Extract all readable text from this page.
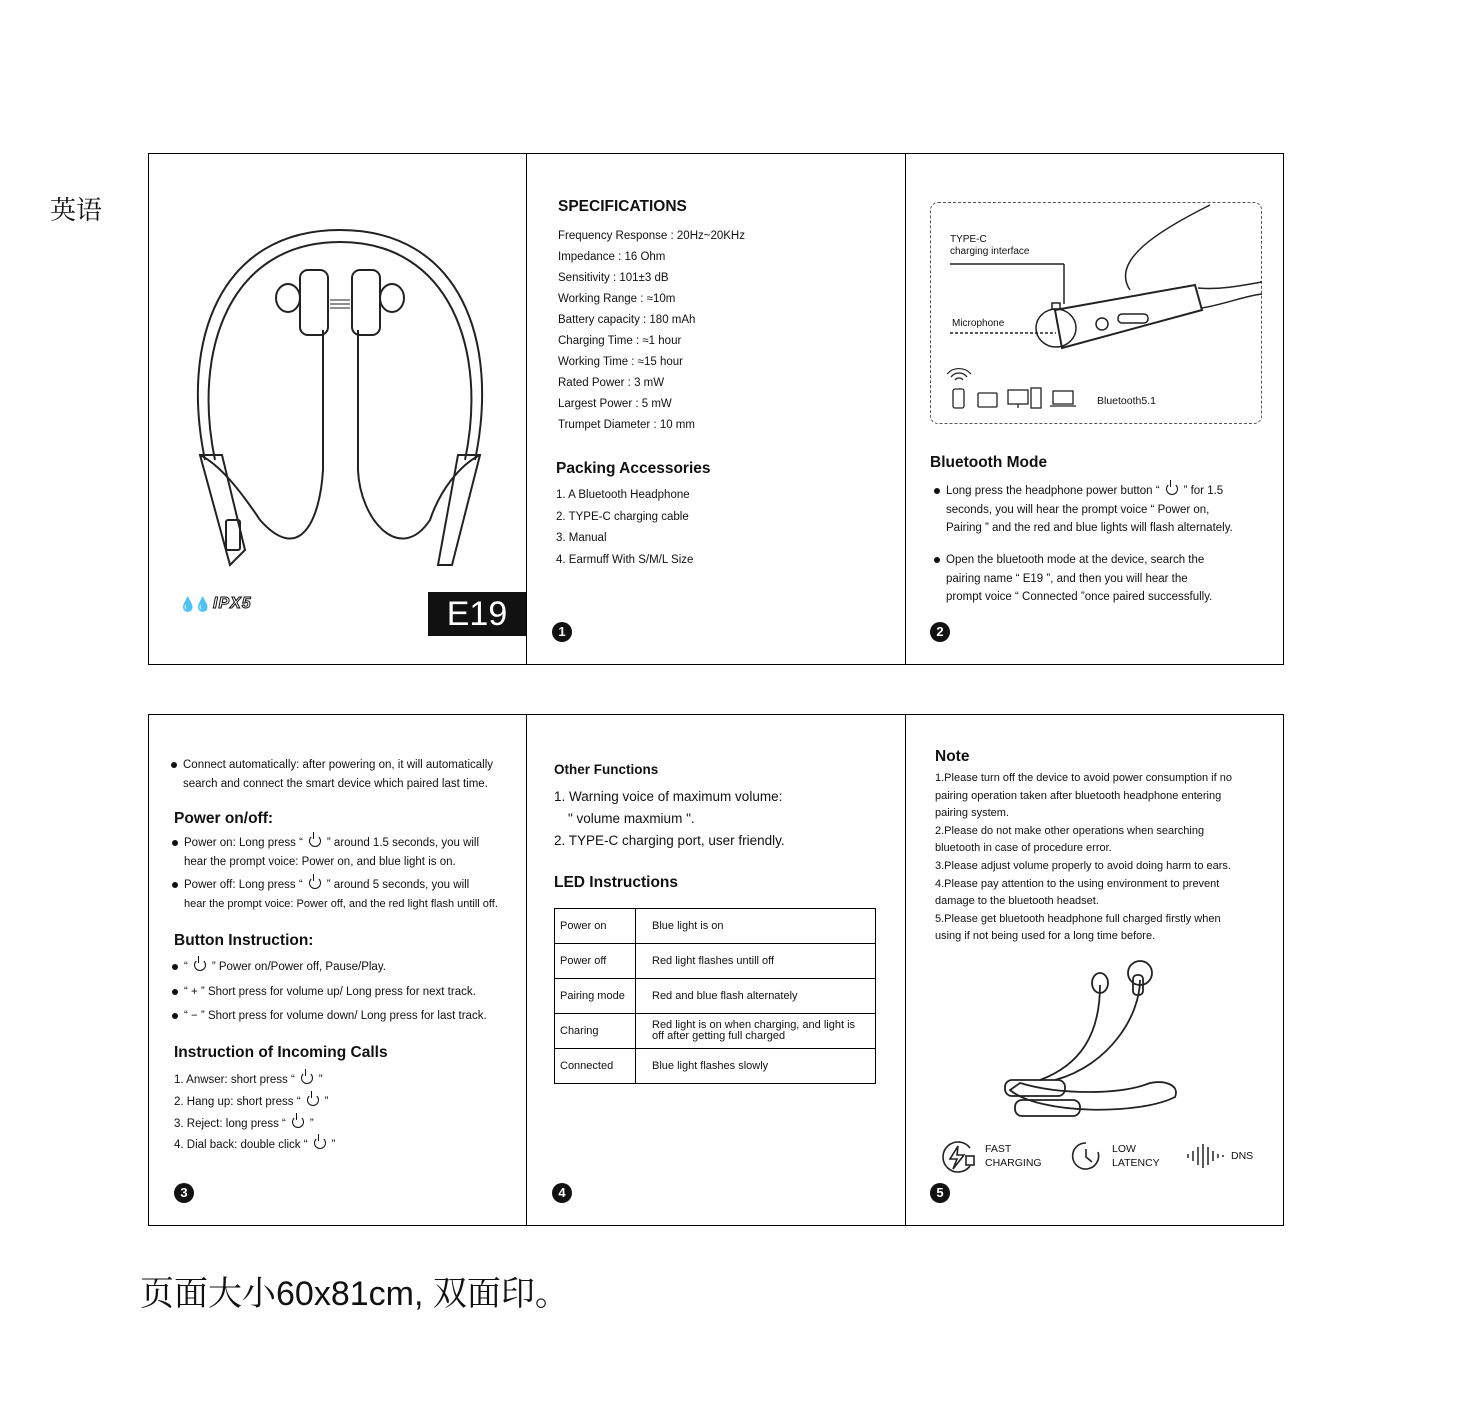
英语
💧💧 IPX5	E19
SPECIFICATIONS
Frequency Response : 20Hz~20KHz
Impedance : 16 Ohm
Sensitivity : 101±3 dB
Working Range : ≈10m
Battery capacity : 180 mAh
Charging Time : ≈1 hour
Working Time : ≈15 hour
Rated Power : 3 mW
Largest Power : 5 mW
Trumpet Diameter : 10 mm
Packing Accessories
1. A Bluetooth Headphone
2. TYPE-C charging cable
3. Manual
4. Earmuff With S/M/L Size
1
TYPE-C
charging interface
Microphone
Bluetooth5.1
Bluetooth Mode
Long press the headphone power button “ ” for 1.5
seconds, you will hear the prompt voice “ Power on,
Pairing ” and the red and blue lights will flash alternately.
Open the bluetooth mode at the device, search the
pairing name “ E19 ”, and then you will hear the
prompt voice “ Connected ”once paired successfully.
2
Connect automatically: after powering on, it will automatically
search and connect the smart device which paired last time.
Power on/off:
Power on: Long press “ ” around 1.5 seconds, you will
hear the prompt voice: Power on, and blue light is on.
Power off: Long press “ ” around 5 seconds, you will
hear the prompt voice: Power off, and the red light flash untill off.
Button Instruction:
“ ” Power on/Power off, Pause/Play.
“ + ” Short press for volume up/ Long press for next track.
“ − ” Short press for volume down/ Long press for last track.
Instruction of Incoming Calls
1. Anwser: short press “ ”
2. Hang up: short press “ ”
3. Reject: long press “ ”
4. Dial back: double click “ ”
3
Other Functions
1. Warning voice of maximum volume:
" volume maxmium ".
2. TYPE-C charging port, user friendly.
LED Instructions
Power on	Blue light is on
Power off	Red light flashes untill off
Pairing mode	Red and blue flash alternately
Charing	Red light is on when charging, and light is off after getting full charged
Connected	Blue light flashes slowly
4
Note
1.Please turn off the device to avoid power consumption if no
pairing operation taken after bluetooth headphone entering
pairing system.
2.Please do not make other operations when searching
bluetooth in case of procedure error.
3.Please adjust volume properly to avoid doing harm to ears.
4.Please pay attention to the using environment to prevent
damage to the bluetooth headset.
5.Please get bluetooth headphone full charged firstly when
using if not being used for a long time before.
FAST
CHARGING
LOW
LATENCY
DNS
5
页面大小60x81cm, 双面印。
